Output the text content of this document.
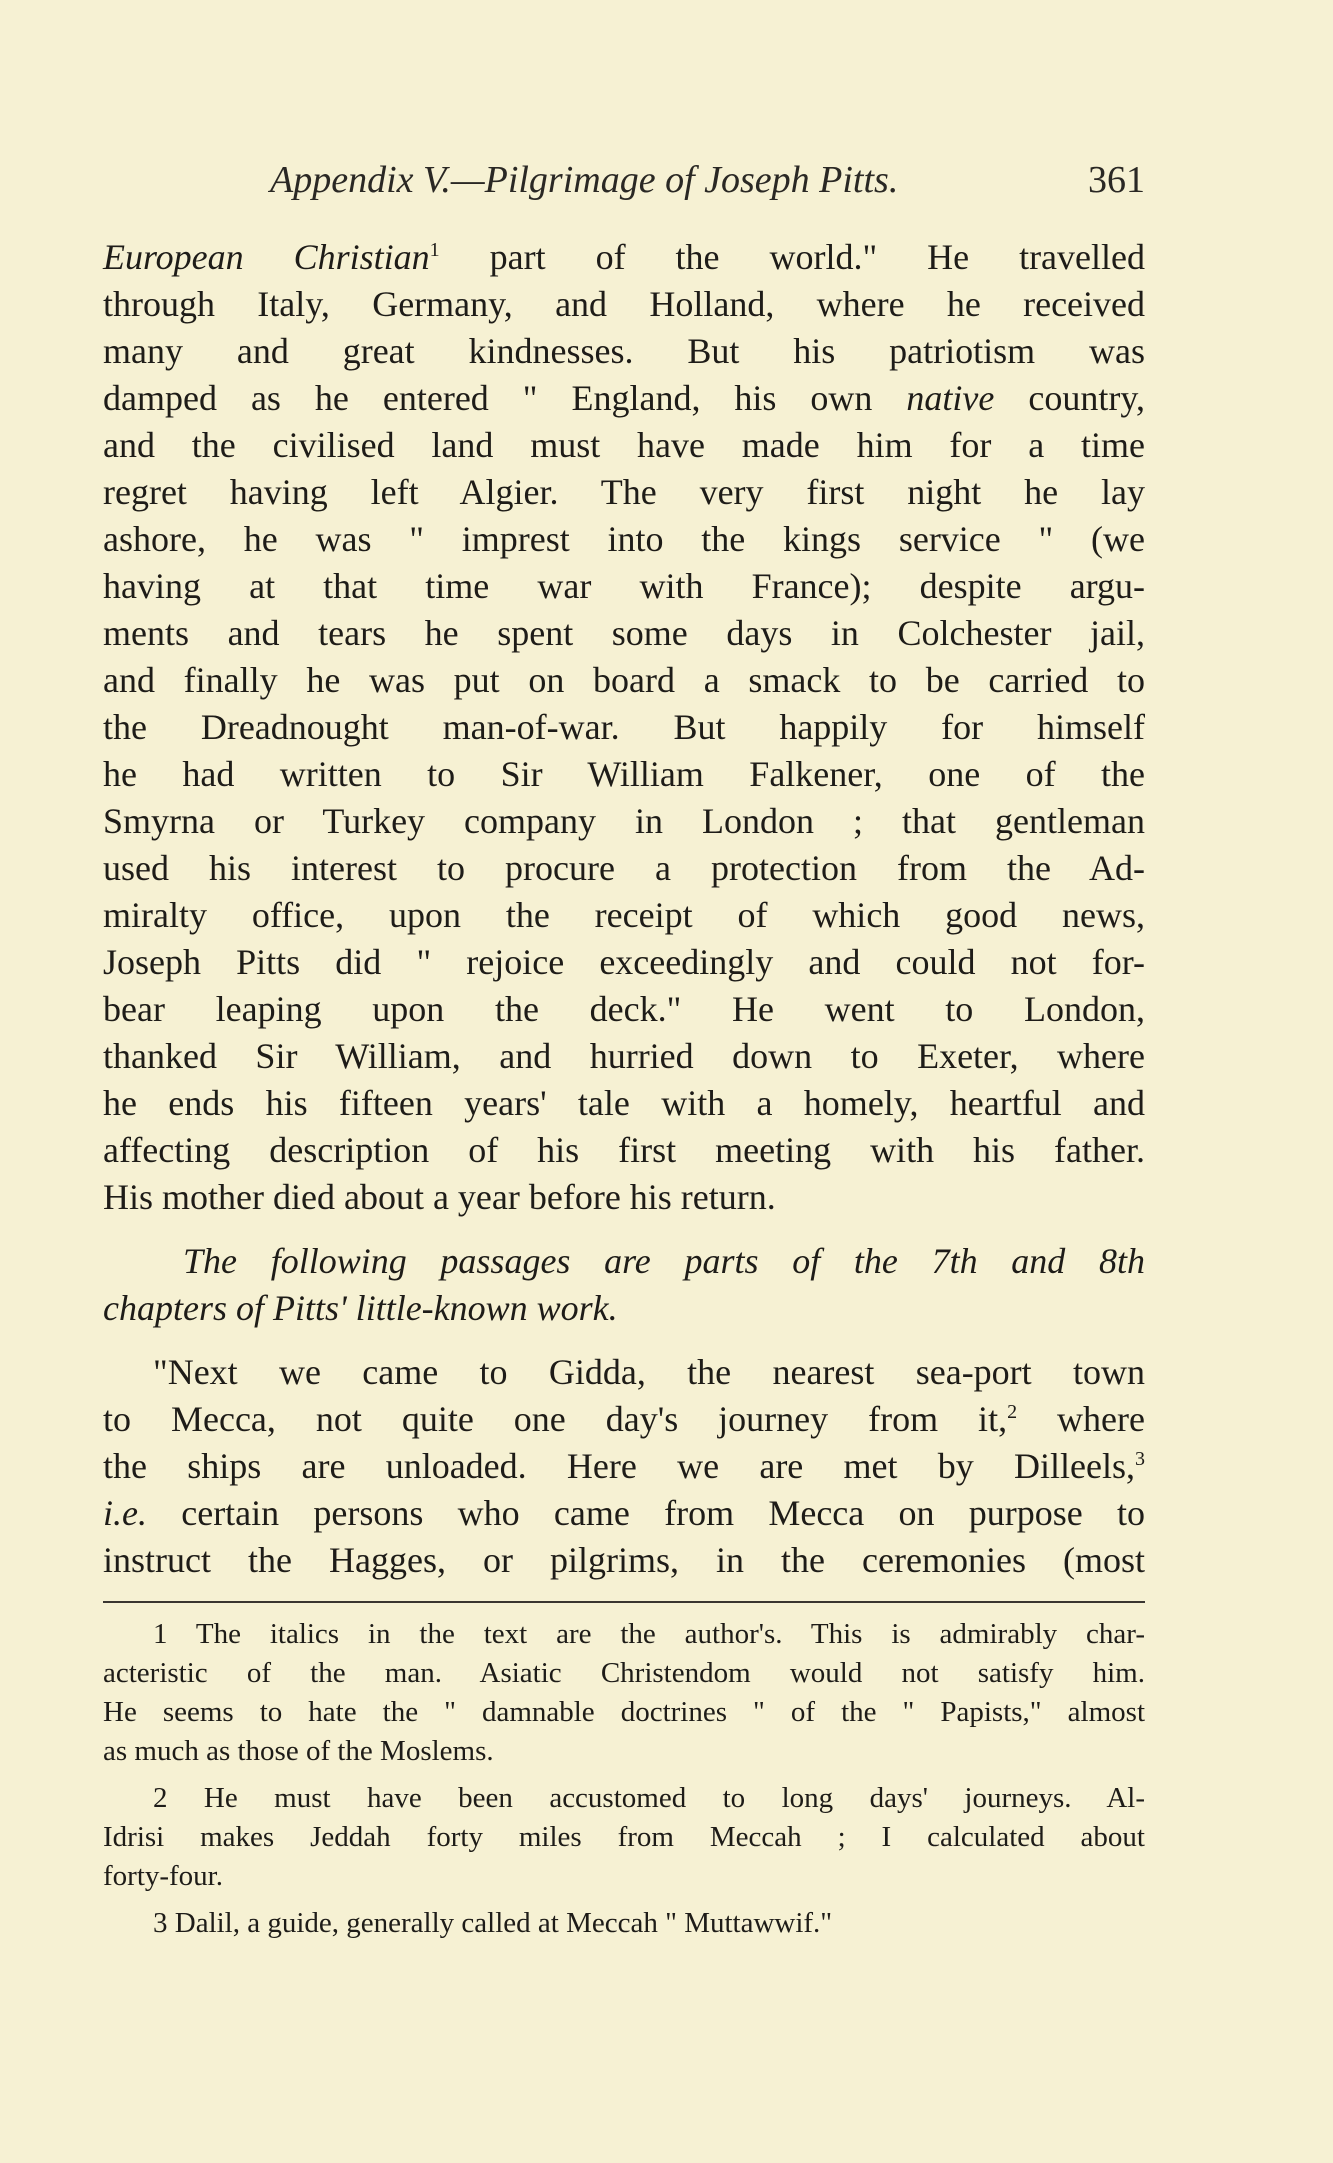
Appendix V.—Pilgrimage of Joseph Pitts.	361
European Christian$^1$ part of the world." He travelled
through Italy, Germany, and Holland, where he received
many and great kindnesses. But his patriotism was
damped as he entered " England, his own native country,
and the civilised land must have made him for a time
regret having left Algier. The very first night he lay
ashore, he was " imprest into the kings service " (we
having at that time war with France); despite argu-
ments and tears he spent some days in Colchester jail,
and finally he was put on board a smack to be carried to
the Dreadnought man-of-war. But happily for himself
he had written to Sir William Falkener, one of the
Smyrna or Turkey company in London ; that gentleman
used his interest to procure a protection from the Ad-
miralty office, upon the receipt of which good news,
Joseph Pitts did " rejoice exceedingly and could not for-
bear leaping upon the deck." He went to London,
thanked Sir William, and hurried down to Exeter, where
he ends his fifteen years' tale with a homely, heartful and
affecting description of his first meeting with his father.
His mother died about a year before his return.
The following passages are parts of the 7th and 8th
chapters of Pitts' little-known work.
"Next we came to Gidda, the nearest sea-port town
to Mecca, not quite one day's journey from it,$^2$ where
the ships are unloaded. Here we are met by Dilleels,$^3$
i.e. certain persons who came from Mecca on purpose to
instruct the Hagges, or pilgrims, in the ceremonies (most
1 The italics in the text are the author's. This is admirably char-
acteristic of the man. Asiatic Christendom would not satisfy him.
He seems to hate the " damnable doctrines " of the " Papists," almost
as much as those of the Moslems.
2 He must have been accustomed to long days' journeys. Al-
Idrisi makes Jeddah forty miles from Meccah ; I calculated about
forty-four.
3 Dalil, a guide, generally called at Meccah " Muttawwif."
